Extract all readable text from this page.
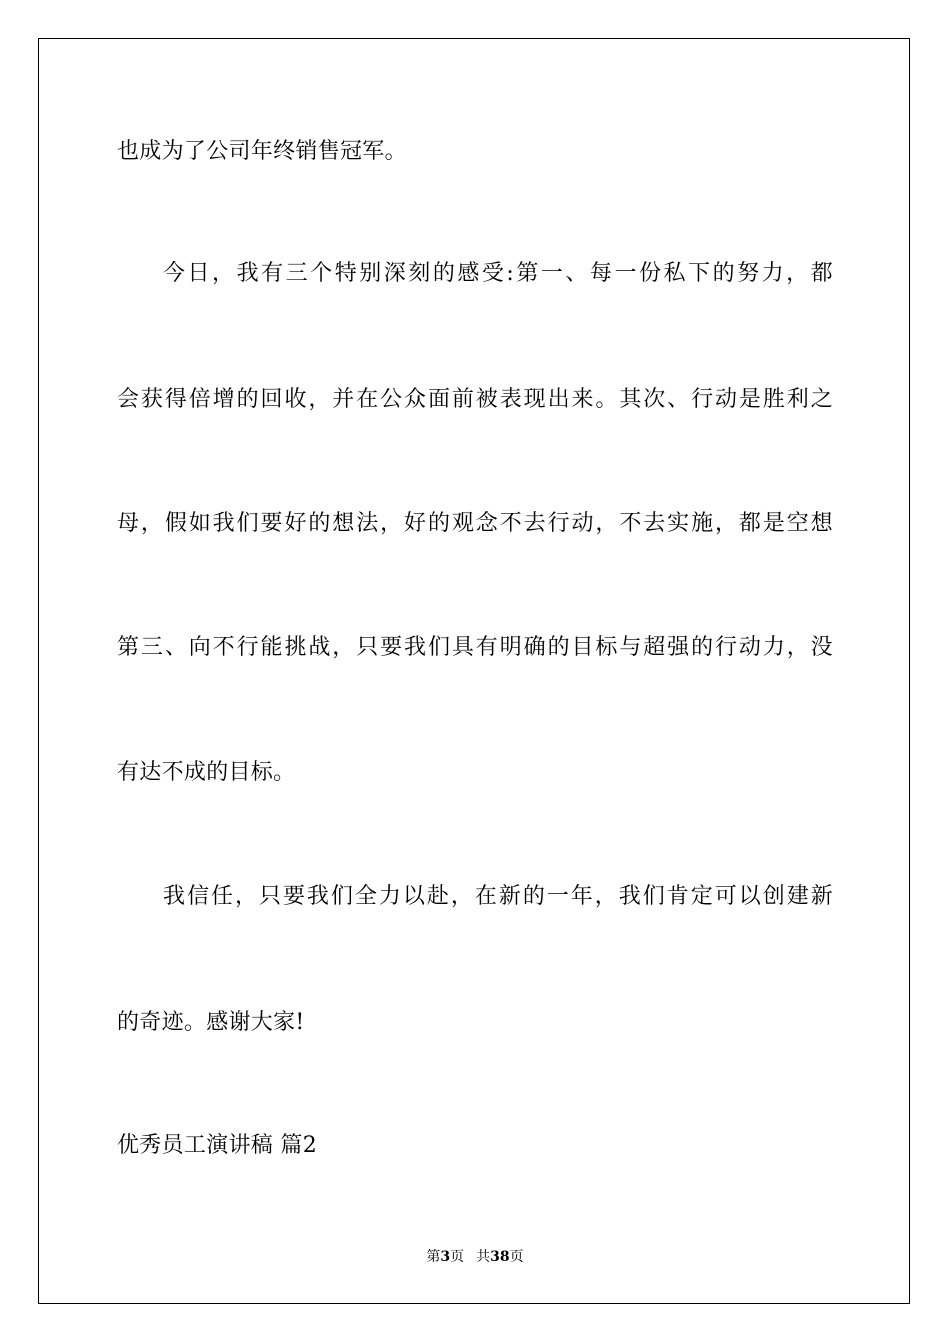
也成为了公司年终销售冠军。
今日，我有三个特别深刻的感受:第一、每一份私下的努力，都
会获得倍增的回收，并在公众面前被表现出来。其次、行动是胜利之
母，假如我们要好的想法，好的观念不去行动，不去实施，都是空想
第三、向不行能挑战，只要我们具有明确的目标与超强的行动力，没
有达不成的目标。
我信任，只要我们全力以赴，在新的一年，我们肯定可以创建新
的奇迹。感谢大家!
优秀员工演讲稿 篇2
第3页 共38页
